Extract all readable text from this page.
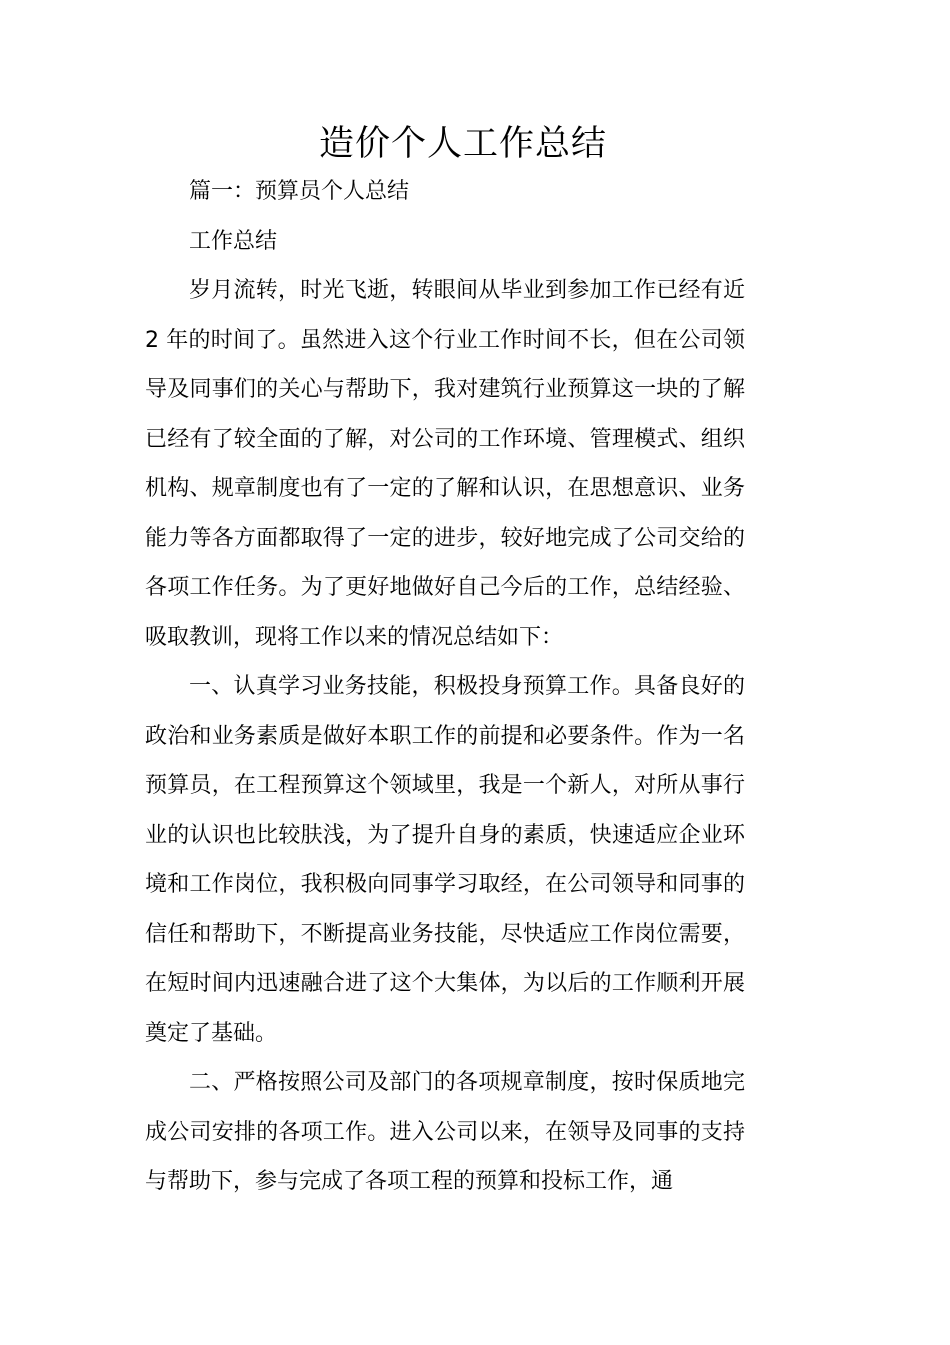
造价个人工作总结

篇一：预算员个人总结

工作总结

岁月流转，时光飞逝，转眼间从毕业到参加工作已经有近 2 年的时间了。虽然进入这个行业工作时间不长，但在公司领导及同事们的关心与帮助下，我对建筑行业预算这一块的了解已经有了较全面的了解，对公司的工作环境、管理模式、组织机构、规章制度也有了一定的了解和认识，在思想意识、业务能力等各方面都取得了一定的进步，较好地完成了公司交给的各项工作任务。为了更好地做好自己今后的工作，总结经验、吸取教训，现将工作以来的情况总结如下：

一、认真学习业务技能，积极投身预算工作。具备良好的政治和业务素质是做好本职工作的前提和必要条件。作为一名预算员，在工程预算这个领域里，我是一个新人，对所从事行业的认识也比较肤浅，为了提升自身的素质，快速适应企业环境和工作岗位，我积极向同事学习取经，在公司领导和同事的信任和帮助下，不断提高业务技能，尽快适应工作岗位需要，在短时间内迅速融合进了这个大集体，为以后的工作顺利开展奠定了基础。

二、严格按照公司及部门的各项规章制度，按时保质地完成公司安排的各项工作。进入公司以来，在领导及同事的支持与帮助下，参与完成了各项工程的预算和投标工作，通
